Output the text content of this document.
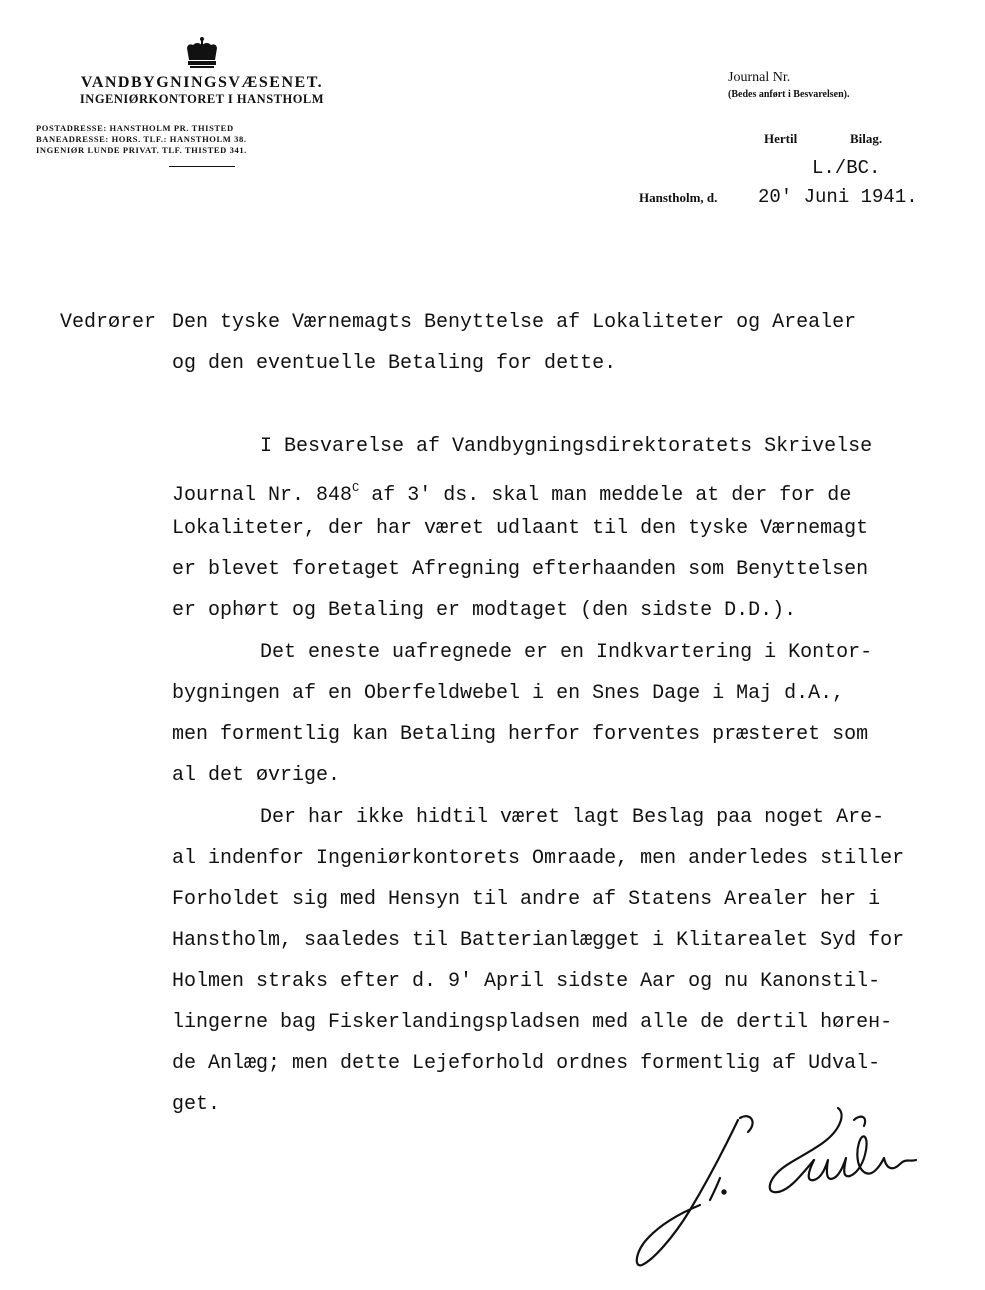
VANDBYGNINGSVÆSENET.
INGENIØRKONTORET I HANSTHOLM
POSTADRESSE: HANSTHOLM PR. THISTED
BANEADRESSE: HORS. TLF.: HANSTHOLM 38.
INGENIØR LUNDE PRIVAT. TLF. THISTED 341.
Journal Nr.
(Bedes anført i Besvarelsen).
Hertil	Bilag.
L./BC.
Hanstholm, d. 20' Juni 1941.
Vedrører Den tyske Værnemagts Benyttelse af Lokaliteter og Arealer
og den eventuelle Betaling for dette.
I Besvarelse af Vandbygningsdirektoratets Skrivelse
Journal Nr. $848^C$ af 3' ds. skal man meddele at der for de
Lokaliteter, der har været udlaant til den tyske Værnemagt
er blevet foretaget Afregning efterhaanden som Benyttelsen
er ophørt og Betaling er modtaget (den sidste D.D.).
Det eneste uafregnede er en Indkvartering i Kontor-
bygningen af en Oberfeldwebel i en Snes Dage i Maj d.A.,
men formentlig kan Betaling herfor forventes præsteret som
al det øvrige.
Der har ikke hidtil været lagt Beslag paa noget Are-
al indenfor Ingeniørkontorets Omraade, men anderledes stiller
Forholdet sig med Hensyn til andre af Statens Arealer her i
Hanstholm, saaledes til Batterianlægget i Klitarealet Syd for
Holmen straks efter d. 9' April sidste Aar og nu Kanonstil-
lingerne bag Fiskerlandingspladsen med alle de dertil hørен-
de Anlæg; men dette Lejeforhold ordnes formentlig af Udval-
get.
